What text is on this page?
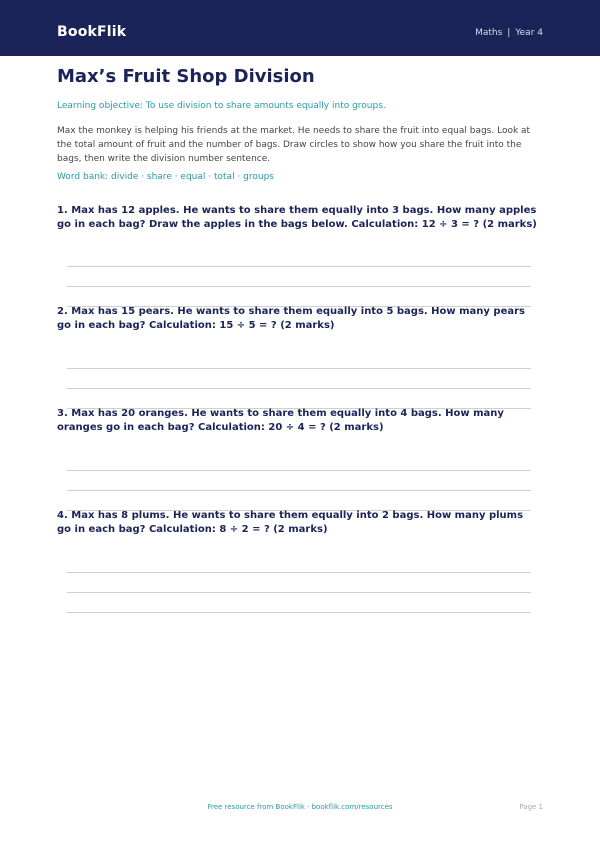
BookFlik	Maths | Year 4
Max’s Fruit Shop Division
Learning objective: To use division to share amounts equally into groups.
Max the monkey is helping his friends at the market. He needs to share the fruit into equal bags. Look at the total amount of fruit and the number of bags. Draw circles to show how you share the fruit into the bags, then write the division number sentence.
Word bank: divide · share · equal · total · groups
1. Max has 12 apples. He wants to share them equally into 3 bags. How many apples go in each bag? Draw the apples in the bags below. Calculation: 12 ÷ 3 = ? (2 marks)
2. Max has 15 pears. He wants to share them equally into 5 bags. How many pears go in each bag? Calculation: 15 ÷ 5 = ? (2 marks)
3. Max has 20 oranges. He wants to share them equally into 4 bags. How many oranges go in each bag? Calculation: 20 ÷ 4 = ? (2 marks)
4. Max has 8 plums. He wants to share them equally into 2 bags. How many plums go in each bag? Calculation: 8 ÷ 2 = ? (2 marks)
Free resource from BookFlik · bookflik.com/resources	Page 1
